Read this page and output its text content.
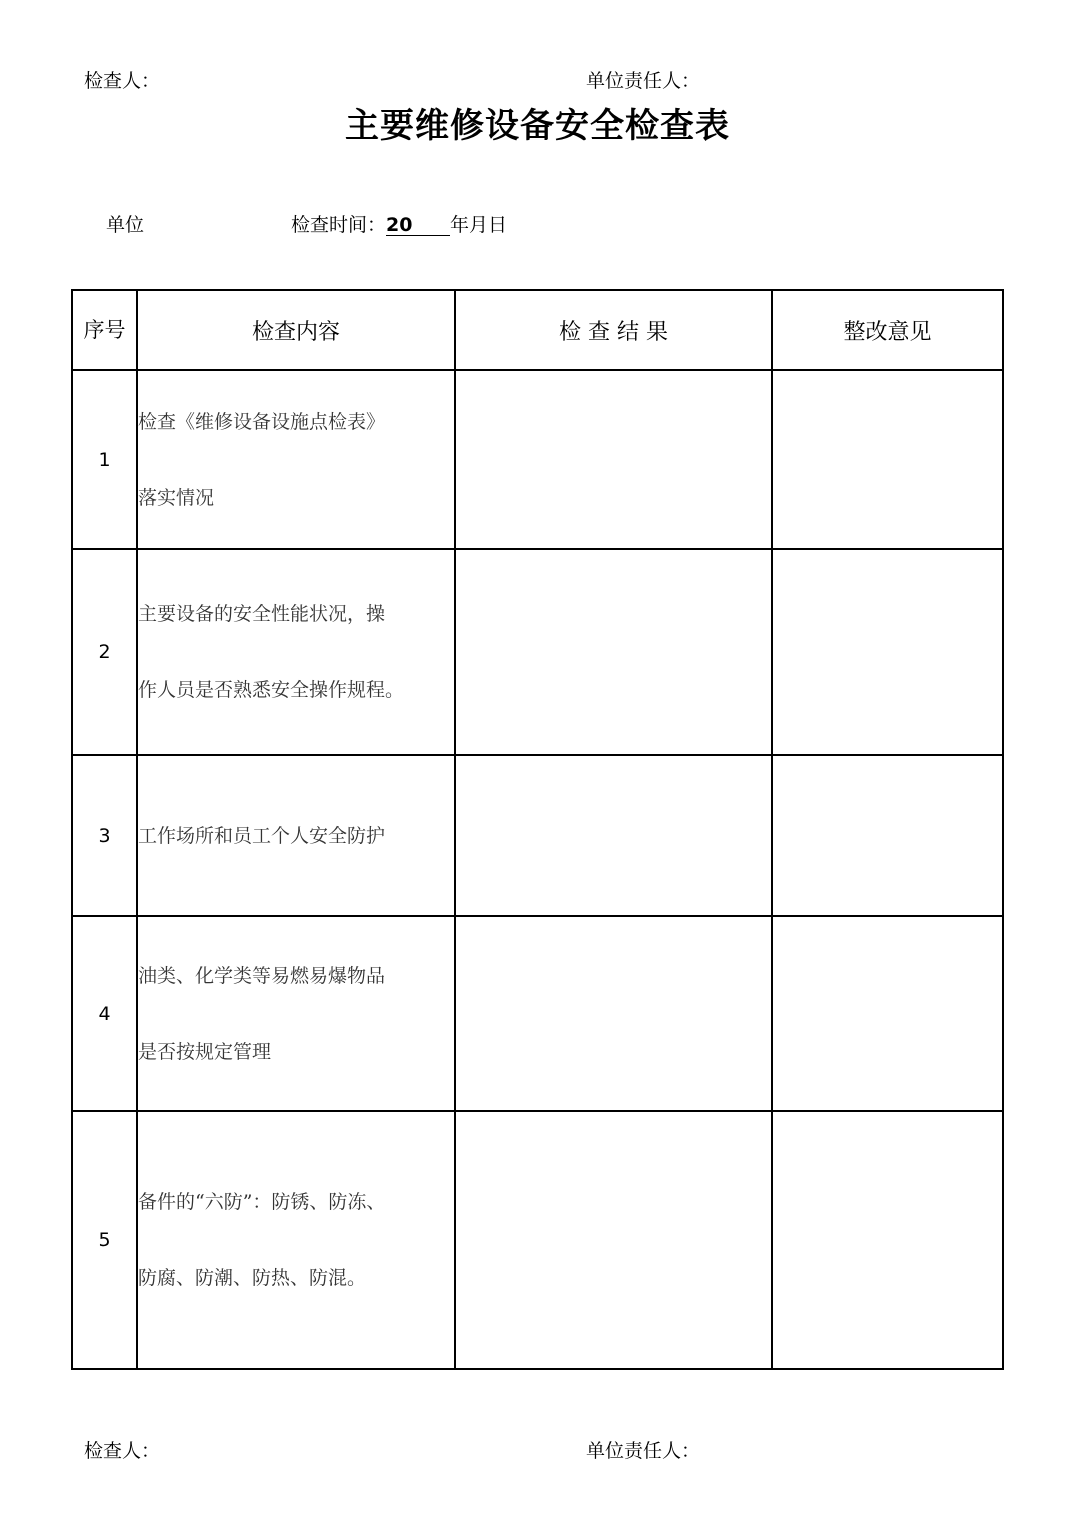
检查人：	单位责任人：
主要维修设备安全检查表
单位	检查时间：20 年月日
序号	检查内容	检 查 结 果	整改意见
1	检查《维修设备设施点检表》
落实情况		

2	主要设备的安全性能状况，操
作人员是否熟悉安全操作规程。		

3	工作场所和员工个人安全防护		

4	油类、化学类等易燃易爆物品
是否按规定管理		

5	备件的“六防”：防锈、防冻、
防腐、防潮、防热、防混。		

检查人：	单位责任人：
